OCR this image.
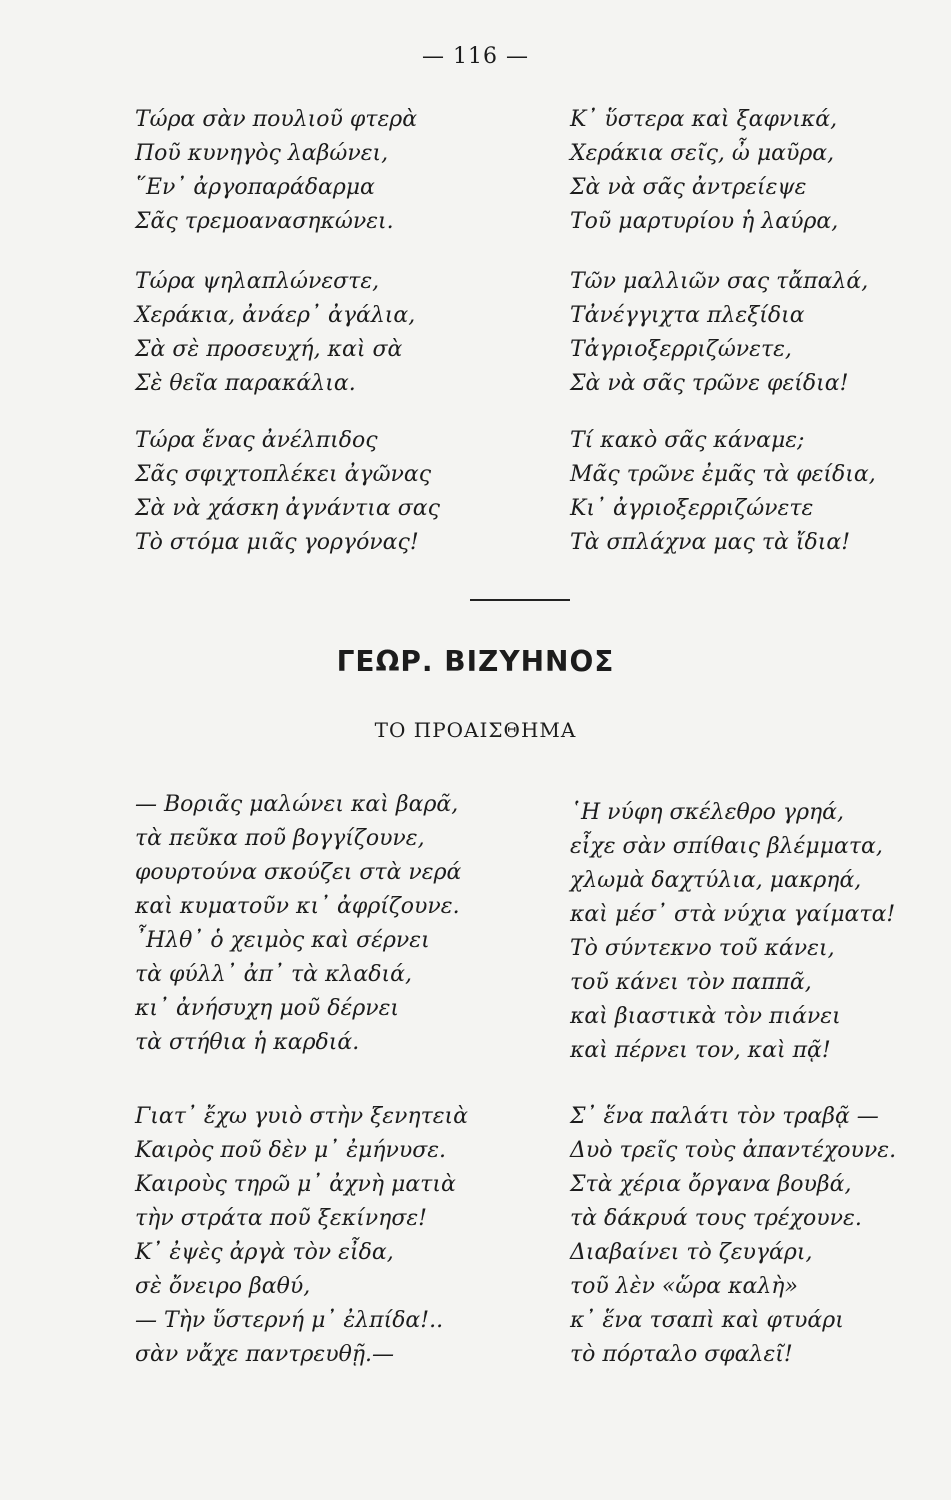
— 116 —
Τώρα σὰν πουλιοῦ φτερὰ
Ποῦ κυνηγὸς λαβώνει,
῞Εν᾿ ἀργοπαράδαρμα
Σᾶς τρεμοανασηκώνει.
Τώρα ψηλαπλώνεστε,
Χεράκια, ἀνάερ᾿ ἀγάλια,
Σὰ σὲ προσευχή, καὶ σὰ
Σὲ θεῖα παρακάλια.
Τώρα ἕνας ἀνέλπιδος
Σᾶς σφιχτοπλέκει ἀγῶνας
Σὰ νὰ χάσκη ἀγνάντια σας
Τὸ στόμα μιᾶς γοργόνας!
Κ᾿ ὕστερα καὶ ξαφνικά,
Χεράκια σεῖς, ὦ μαῦρα,
Σὰ νὰ σᾶς ἀντρείεψε
Τοῦ μαρτυρίου ἡ λαύρα,
Τῶν μαλλιῶν σας τἄπαλά,
Τἀνέγγιχτα πλεξίδια
Τἀγριοξερριζώνετε,
Σὰ νὰ σᾶς τρῶνε φείδια!
Τί κακὸ σᾶς κάναμε;
Μᾶς τρῶνε ἐμᾶς τὰ φείδια,
Κι᾿ ἀγριοξερριζώνετε
Τὰ σπλάχνα μας τὰ ἴδια!
ΓΕΩΡ. ΒΙΖΥΗΝΟΣ
ΤΟ ΠΡΟΑΙΣΘΗΜΑ
— Βοριᾶς μαλώνει καὶ βαρᾶ,
τὰ πεῦκα ποῦ βογγίζουνε,
φουρτούνα σκούζει στὰ νερά
καὶ κυματοῦν κι᾿ ἀφρίζουνε.
῏Ηλθ᾿ ὁ χειμὸς καὶ σέρνει
τὰ φύλλ᾿ ἀπ᾿ τὰ κλαδιά,
κι᾿ ἀνήσυχη μοῦ δέρνει
τὰ στήθια ἡ καρδιά.
Γιατ᾿ ἔχω γυιὸ στὴν ξενητειὰ
Καιρὸς ποῦ δὲν μ᾿ ἐμήνυσε.
Καιροὺς τηρῶ μ᾿ ἀχνὴ ματιὰ
τὴν στράτα ποῦ ξεκίνησε!
Κ᾿ ἐψὲς ἀργὰ τὸν εἶδα,
σὲ ὄνειρο βαθύ,
— Τὴν ὕστερνή μ᾿ ἐλπίδα!..
σὰν νἄχε παντρευθῇ.—
῾Η νύφη σκέλεθρο γρηά,
εἶχε σὰν σπίθαις βλέμματα,
χλωμὰ δαχτύλια, μακρηά,
καὶ μέσ᾿ στὰ νύχια γαίματα!
Τὸ σύντεκνο τοῦ κάνει,
τοῦ κάνει τὸν παππᾶ,
καὶ βιαστικὰ τὸν πιάνει
καὶ πέρνει τον, καὶ πᾷ!
Σ᾿ ἕνα παλάτι τὸν τραβᾷ —
Δυὸ τρεῖς τοὺς ἀπαντέχουνε.
Στὰ χέρια ὄργανα βουβά,
τὰ δάκρυά τους τρέχουνε.
Διαβαίνει τὸ ζευγάρι,
τοῦ λὲν «ὥρα καλὴ»
κ᾿ ἕνα τσαπὶ καὶ φτυάρι
τὸ πόρταλο σφαλεῖ!
